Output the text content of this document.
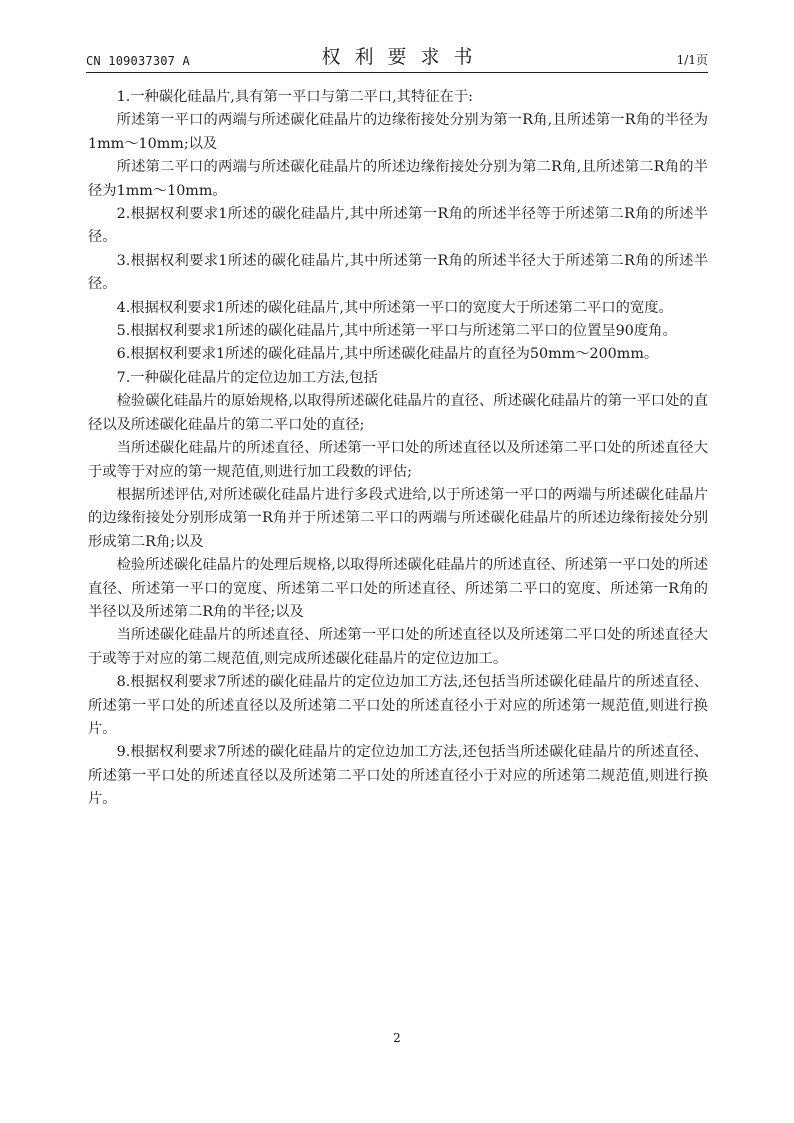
CN 109037307 A	权利要求书	1/1页

1.一种碳化硅晶片,具有第一平口与第二平口,其特征在于:

所述第一平口的两端与所述碳化硅晶片的边缘衔接处分别为第一R角,且所述第一R角的半径为1mm～10mm;以及

所述第二平口的两端与所述碳化硅晶片的所述边缘衔接处分别为第二R角,且所述第二R角的半径为1mm～10mm。

2.根据权利要求1所述的碳化硅晶片,其中所述第一R角的所述半径等于所述第二R角的所述半径。

3.根据权利要求1所述的碳化硅晶片,其中所述第一R角的所述半径大于所述第二R角的所述半径。

4.根据权利要求1所述的碳化硅晶片,其中所述第一平口的宽度大于所述第二平口的宽度。

5.根据权利要求1所述的碳化硅晶片,其中所述第一平口与所述第二平口的位置呈90度角。

6.根据权利要求1所述的碳化硅晶片,其中所述碳化硅晶片的直径为50mm～200mm。

7.一种碳化硅晶片的定位边加工方法,包括

检验碳化硅晶片的原始规格,以取得所述碳化硅晶片的直径、所述碳化硅晶片的第一平口处的直径以及所述碳化硅晶片的第二平口处的直径;

当所述碳化硅晶片的所述直径、所述第一平口处的所述直径以及所述第二平口处的所述直径大于或等于对应的第一规范值,则进行加工段数的评估;

根据所述评估,对所述碳化硅晶片进行多段式进给,以于所述第一平口的两端与所述碳化硅晶片的边缘衔接处分别形成第一R角并于所述第二平口的两端与所述碳化硅晶片的所述边缘衔接处分别形成第二R角;以及

检验所述碳化硅晶片的处理后规格,以取得所述碳化硅晶片的所述直径、所述第一平口处的所述直径、所述第一平口的宽度、所述第二平口处的所述直径、所述第二平口的宽度、所述第一R角的半径以及所述第二R角的半径;以及

当所述碳化硅晶片的所述直径、所述第一平口处的所述直径以及所述第二平口处的所述直径大于或等于对应的第二规范值,则完成所述碳化硅晶片的定位边加工。

8.根据权利要求7所述的碳化硅晶片的定位边加工方法,还包括当所述碳化硅晶片的所述直径、所述第一平口处的所述直径以及所述第二平口处的所述直径小于对应的所述第一规范值,则进行换片。

9.根据权利要求7所述的碳化硅晶片的定位边加工方法,还包括当所述碳化硅晶片的所述直径、所述第一平口处的所述直径以及所述第二平口处的所述直径小于对应的所述第二规范值,则进行换片。

2
